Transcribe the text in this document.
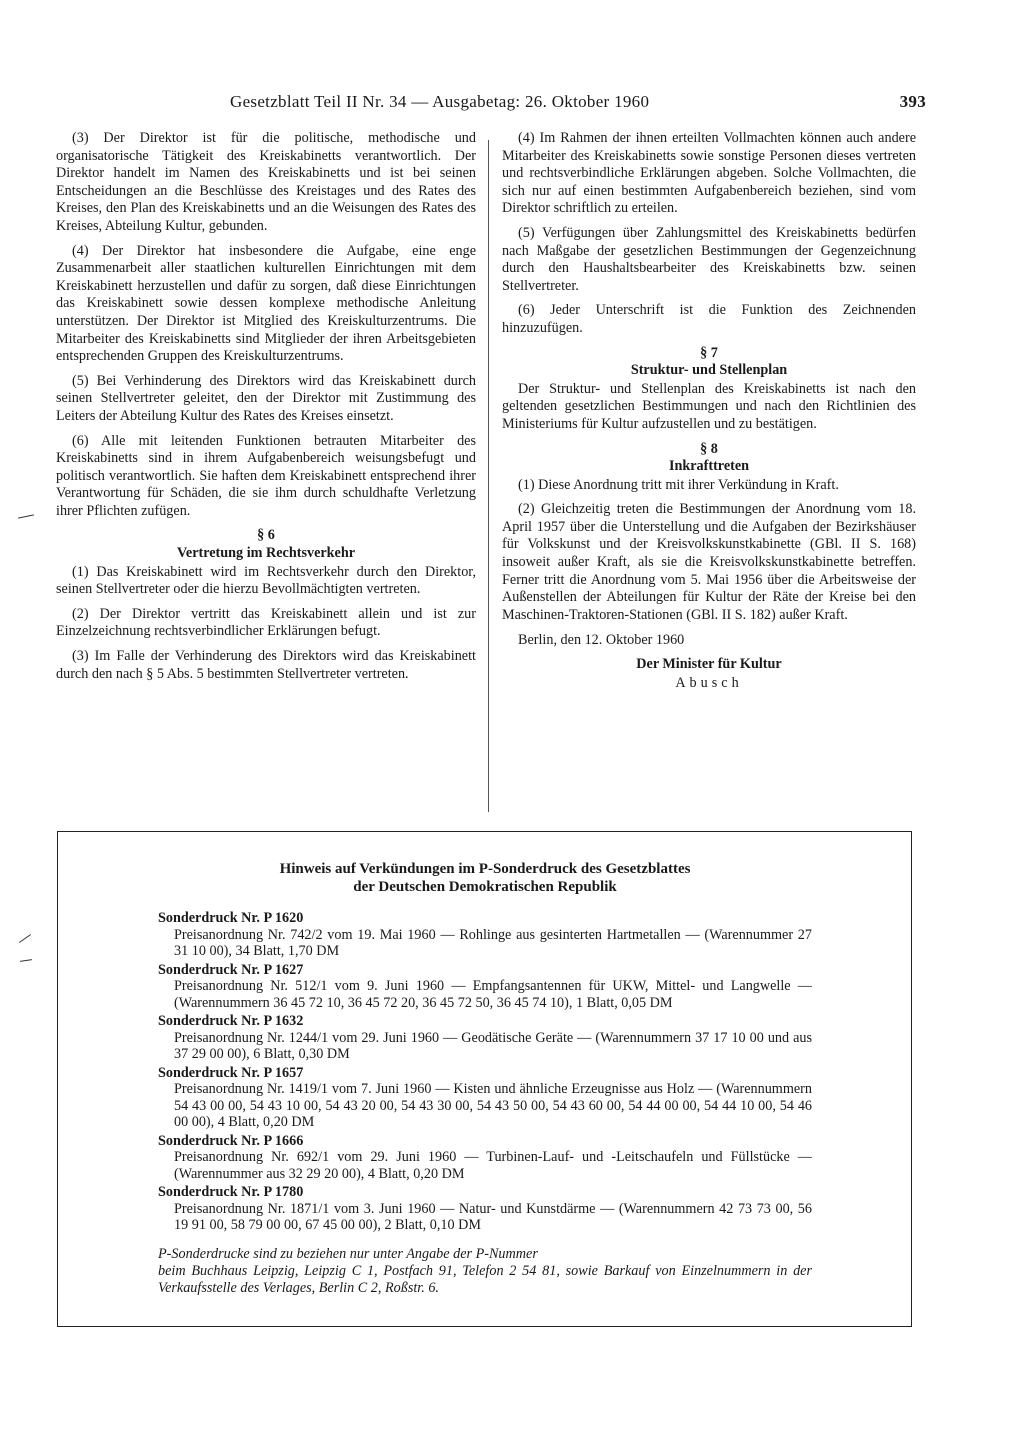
Gesetzblatt Teil II Nr. 34 — Ausgabetag: 26. Oktober 1960	393

(3) Der Direktor ist für die politische, methodische und organisatorische Tätigkeit des Kreiskabinetts verantwortlich. Der Direktor handelt im Namen des Kreiskabinetts und ist bei seinen Entscheidungen an die Beschlüsse des Kreistages und des Rates des Kreises, den Plan des Kreiskabinetts und an die Weisungen des Rates des Kreises, Abteilung Kultur, gebunden.

(4) Der Direktor hat insbesondere die Aufgabe, eine enge Zusammenarbeit aller staatlichen kulturellen Einrichtungen mit dem Kreiskabinett herzustellen und dafür zu sorgen, daß diese Einrichtungen das Kreiskabinett sowie dessen komplexe methodische Anleitung unterstützen. Der Direktor ist Mitglied des Kreiskulturzentrums. Die Mitarbeiter des Kreiskabinetts sind Mitglieder der ihren Arbeitsgebieten entsprechenden Gruppen des Kreiskulturzentrums.

(5) Bei Verhinderung des Direktors wird das Kreiskabinett durch seinen Stellvertreter geleitet, den der Direktor mit Zustimmung des Leiters der Abteilung Kultur des Rates des Kreises einsetzt.

(6) Alle mit leitenden Funktionen betrauten Mitarbeiter des Kreiskabinetts sind in ihrem Aufgabenbereich weisungsbefugt und politisch verantwortlich. Sie haften dem Kreiskabinett entsprechend ihrer Verantwortung für Schäden, die sie ihm durch schuldhafte Verletzung ihrer Pflichten zufügen.

§ 6
Vertretung im Rechtsverkehr

(1) Das Kreiskabinett wird im Rechtsverkehr durch den Direktor, seinen Stellvertreter oder die hierzu Bevollmächtigten vertreten.

(2) Der Direktor vertritt das Kreiskabinett allein und ist zur Einzelzeichnung rechtsverbindlicher Erklärungen befugt.

(3) Im Falle der Verhinderung des Direktors wird das Kreiskabinett durch den nach § 5 Abs. 5 bestimmten Stellvertreter vertreten.

(4) Im Rahmen der ihnen erteilten Vollmachten können auch andere Mitarbeiter des Kreiskabinetts sowie sonstige Personen dieses vertreten und rechtsverbindliche Erklärungen abgeben. Solche Vollmachten, die sich nur auf einen bestimmten Aufgabenbereich beziehen, sind vom Direktor schriftlich zu erteilen.

(5) Verfügungen über Zahlungsmittel des Kreiskabinetts bedürfen nach Maßgabe der gesetzlichen Bestimmungen der Gegenzeichnung durch den Haushaltsbearbeiter des Kreiskabinetts bzw. seinen Stellvertreter.

(6) Jeder Unterschrift ist die Funktion des Zeichnenden hinzuzufügen.

§ 7
Struktur- und Stellenplan

Der Struktur- und Stellenplan des Kreiskabinetts ist nach den geltenden gesetzlichen Bestimmungen und nach den Richtlinien des Ministeriums für Kultur aufzustellen und zu bestätigen.

§ 8
Inkrafttreten

(1) Diese Anordnung tritt mit ihrer Verkündung in Kraft.

(2) Gleichzeitig treten die Bestimmungen der Anordnung vom 18. April 1957 über die Unterstellung und die Aufgaben der Bezirkshäuser für Volkskunst und der Kreisvolkskunstkabinette (GBl. II S. 168) insoweit außer Kraft, als sie die Kreisvolkskunstkabinette betreffen. Ferner tritt die Anordnung vom 5. Mai 1956 über die Arbeitsweise der Außenstellen der Abteilungen für Kultur der Räte der Kreise bei den Maschinen-Traktoren-Stationen (GBl. II S. 182) außer Kraft.

Berlin, den 12. Oktober 1960
Der Minister für Kultur
Abusch
Hinweis auf Verkündungen im P-Sonderdruck des Gesetzblattes
der Deutschen Demokratischen Republik
Sonderdruck Nr. P 1620
Preisanordnung Nr. 742/2 vom 19. Mai 1960 — Rohlinge aus gesinterten Hartmetallen — (Warennummer 27 31 10 00), 34 Blatt, 1,70 DM
Sonderdruck Nr. P 1627
Preisanordnung Nr. 512/1 vom 9. Juni 1960 — Empfangsantennen für UKW, Mittel- und Langwelle — (Warennummern 36 45 72 10, 36 45 72 20, 36 45 72 50, 36 45 74 10), 1 Blatt, 0,05 DM
Sonderdruck Nr. P 1632
Preisanordnung Nr. 1244/1 vom 29. Juni 1960 — Geodätische Geräte — (Warennummern 37 17 10 00 und aus 37 29 00 00), 6 Blatt, 0,30 DM
Sonderdruck Nr. P 1657
Preisanordnung Nr. 1419/1 vom 7. Juni 1960 — Kisten und ähnliche Erzeugnisse aus Holz — (Warennummern 54 43 00 00, 54 43 10 00, 54 43 20 00, 54 43 30 00, 54 43 50 00, 54 43 60 00, 54 44 00 00, 54 44 10 00, 54 46 00 00), 4 Blatt, 0,20 DM
Sonderdruck Nr. P 1666
Preisanordnung Nr. 692/1 vom 29. Juni 1960 — Turbinen-Lauf- und -Leitschaufeln und Füllstücke — (Warennummer aus 32 29 20 00), 4 Blatt, 0,20 DM
Sonderdruck Nr. P 1780
Preisanordnung Nr. 1871/1 vom 3. Juni 1960 — Natur- und Kunstdärme — (Warennummern 42 73 73 00, 56 19 91 00, 58 79 00 00, 67 45 00 00), 2 Blatt, 0,10 DM
P-Sonderdrucke sind zu beziehen nur unter Angabe der P-Nummer
beim Buchhaus Leipzig, Leipzig C 1, Postfach 91, Telefon 2 54 81, sowie Barkauf von Einzelnummern in der Verkaufsstelle des Verlages, Berlin C 2, Roßstr. 6.
